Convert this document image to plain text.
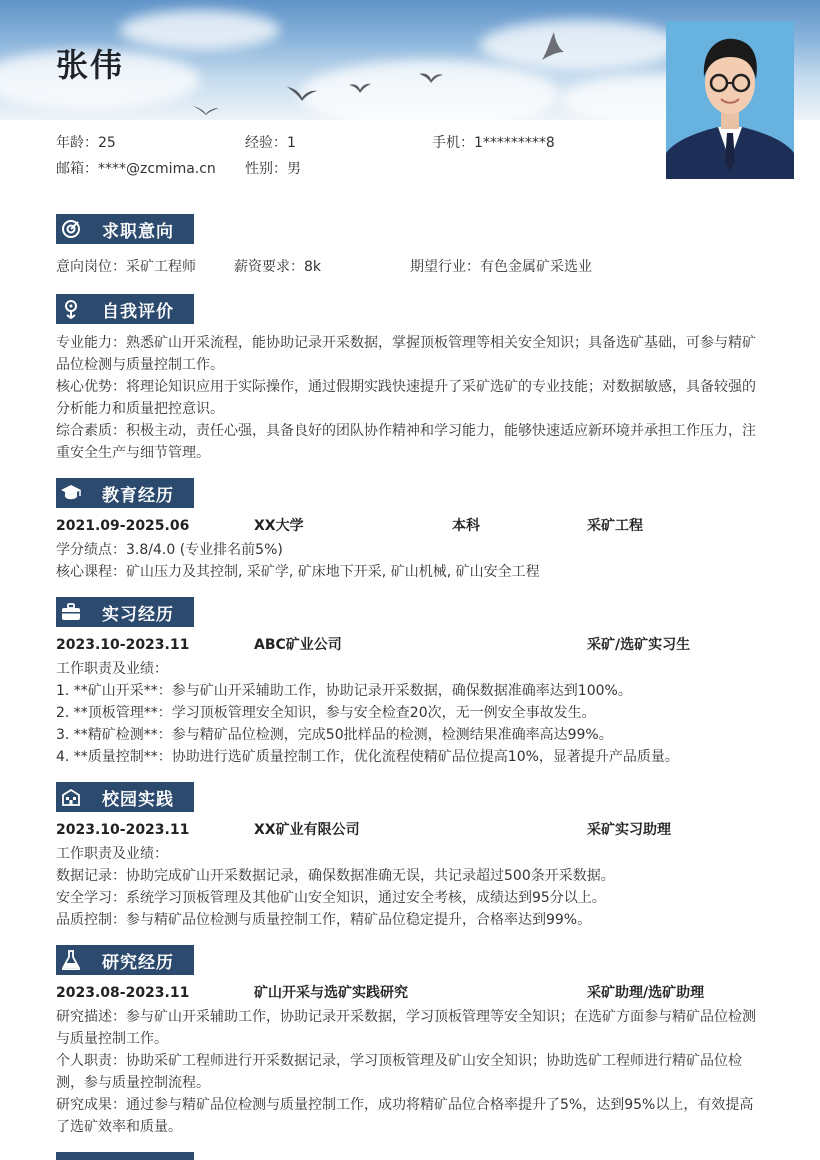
张伟
年龄：25	经验：1	手机：1*********8
邮箱：****@zcmima.cn 性别：男
求职意向
意向岗位：采矿工程师	薪资要求：8k	期望行业：有色金属矿采选业
自我评价
专业能力：熟悉矿山开采流程，能协助记录开采数据，掌握顶板管理等相关安全知识；具备选矿基础，可参与精矿品位检测与质量控制工作。
核心优势：将理论知识应用于实际操作，通过假期实践快速提升了采矿选矿的专业技能；对数据敏感，具备较强的分析能力和质量把控意识。
综合素质：积极主动，责任心强，具备良好的团队协作精神和学习能力，能够快速适应新环境并承担工作压力，注重安全生产与细节管理。
教育经历
2021.09-2025.06	XX大学	本科	采矿工程
学分绩点：3.8/4.0 (专业排名前5%)
核心课程：矿山压力及其控制, 采矿学, 矿床地下开采, 矿山机械, 矿山安全工程
实习经历
2023.10-2023.11	ABC矿业公司	采矿/选矿实习生
工作职责及业绩：
1. **矿山开采**：参与矿山开采辅助工作，协助记录开采数据，确保数据准确率达到100%。
2. **顶板管理**：学习顶板管理安全知识，参与安全检查20次，无一例安全事故发生。
3. **精矿检测**：参与精矿品位检测，完成50批样品的检测，检测结果准确率高达99%。
4. **质量控制**：协助进行选矿质量控制工作，优化流程使精矿品位提高10%，显著提升产品质量。
校园实践
2023.10-2023.11	XX矿业有限公司	采矿实习助理
工作职责及业绩：
数据记录：协助完成矿山开采数据记录，确保数据准确无误，共记录超过500条开采数据。
安全学习：系统学习顶板管理及其他矿山安全知识，通过安全考核，成绩达到95分以上。
品质控制：参与精矿品位检测与质量控制工作，精矿品位稳定提升，合格率达到99%。
研究经历
2023.08-2023.11	矿山开采与选矿实践研究	采矿助理/选矿助理
研究描述：参与矿山开采辅助工作，协助记录开采数据，学习顶板管理等安全知识；在选矿方面参与精矿品位检测与质量控制工作。
个人职责：协助采矿工程师进行开采数据记录，学习顶板管理及矿山安全知识；协助选矿工程师进行精矿品位检测，参与质量控制流程。
研究成果：通过参与精矿品位检测与质量控制工作，成功将精矿品位合格率提升了5%，达到95%以上，有效提高了选矿效率和质量。
